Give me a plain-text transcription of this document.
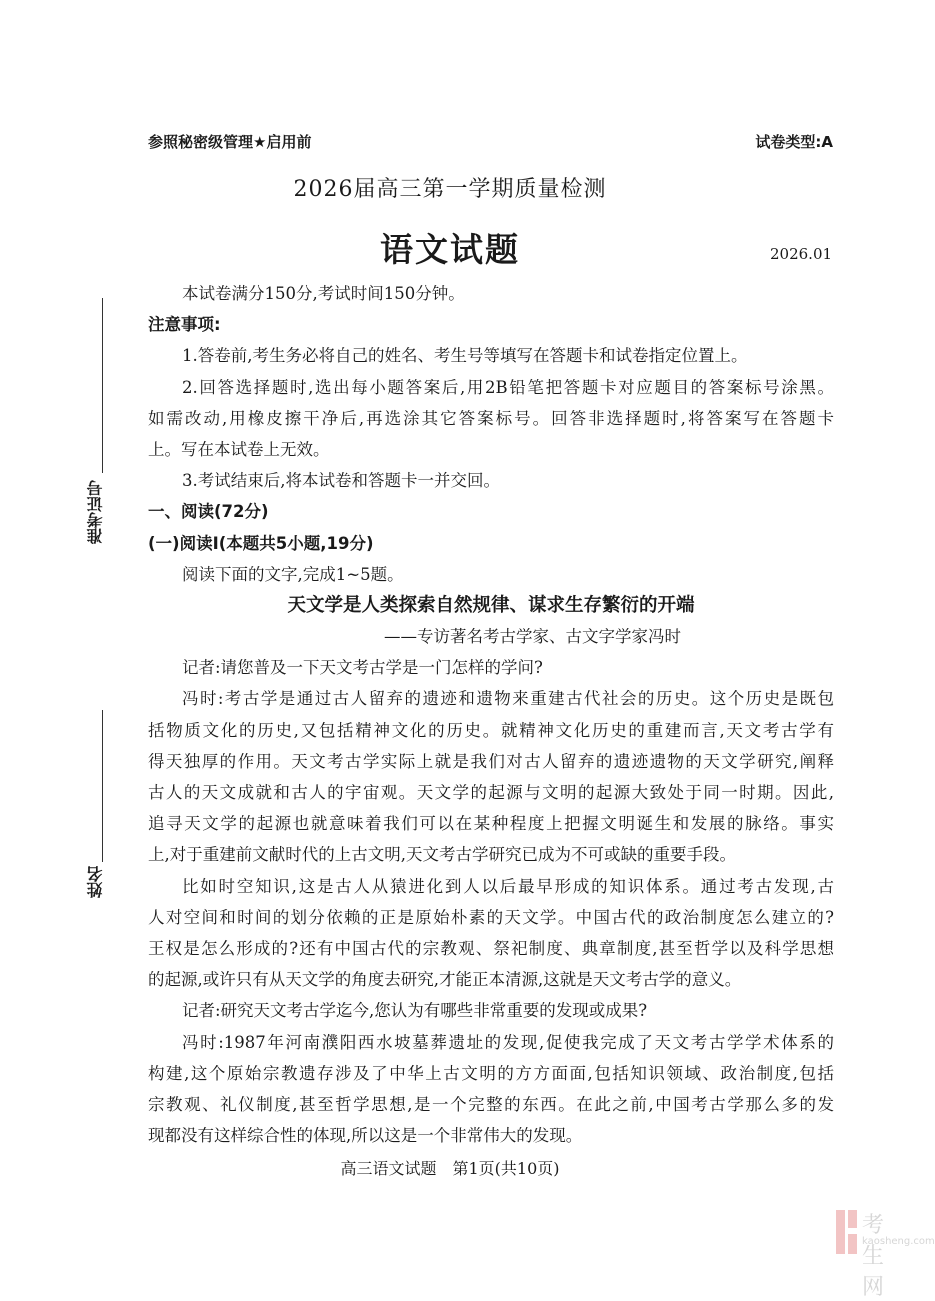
参照秘密级管理★启用前	试卷类型:A
2026届高三第一学期质量检测
语文试题	2026.01
准考证号
姓名
本试卷满分150分,考试时间150分钟。
注意事项:
1.答卷前,考生务必将自己的姓名、考生号等填写在答题卡和试卷指定位置上。
2.回答选择题时,选出每小题答案后,用2B铅笔把答题卡对应题目的答案标号涂黑。
如需改动,用橡皮擦干净后,再选涂其它答案标号。回答非选择题时,将答案写在答题卡
上。写在本试卷上无效。
3.考试结束后,将本试卷和答题卡一并交回。
一、阅读(72分)
(一)阅读Ⅰ(本题共5小题,19分)
阅读下面的文字,完成1~5题。
天文学是人类探索自然规律、谋求生存繁衍的开端
——专访著名考古学家、古文字学家冯时
记者:请您普及一下天文考古学是一门怎样的学问?
冯时:考古学是通过古人留弃的遗迹和遗物来重建古代社会的历史。这个历史是既包
括物质文化的历史,又包括精神文化的历史。就精神文化历史的重建而言,天文考古学有
得天独厚的作用。天文考古学实际上就是我们对古人留弃的遗迹遗物的天文学研究,阐释
古人的天文成就和古人的宇宙观。天文学的起源与文明的起源大致处于同一时期。因此,
追寻天文学的起源也就意味着我们可以在某种程度上把握文明诞生和发展的脉络。事实
上,对于重建前文献时代的上古文明,天文考古学研究已成为不可或缺的重要手段。
比如时空知识,这是古人从猿进化到人以后最早形成的知识体系。通过考古发现,古
人对空间和时间的划分依赖的正是原始朴素的天文学。中国古代的政治制度怎么建立的?
王权是怎么形成的?还有中国古代的宗教观、祭祀制度、典章制度,甚至哲学以及科学思想
的起源,或许只有从天文学的角度去研究,才能正本清源,这就是天文考古学的意义。
记者:研究天文考古学迄今,您认为有哪些非常重要的发现或成果?
冯时:1987年河南濮阳西水坡墓葬遗址的发现,促使我完成了天文考古学学术体系的
构建,这个原始宗教遗存涉及了中华上古文明的方方面面,包括知识领域、政治制度,包括
宗教观、礼仪制度,甚至哲学思想,是一个完整的东西。在此之前,中国考古学那么多的发
现都没有这样综合性的体现,所以这是一个非常伟大的发现。
高三语文试题　第1页(共10页)
考生网
kaosheng.com
